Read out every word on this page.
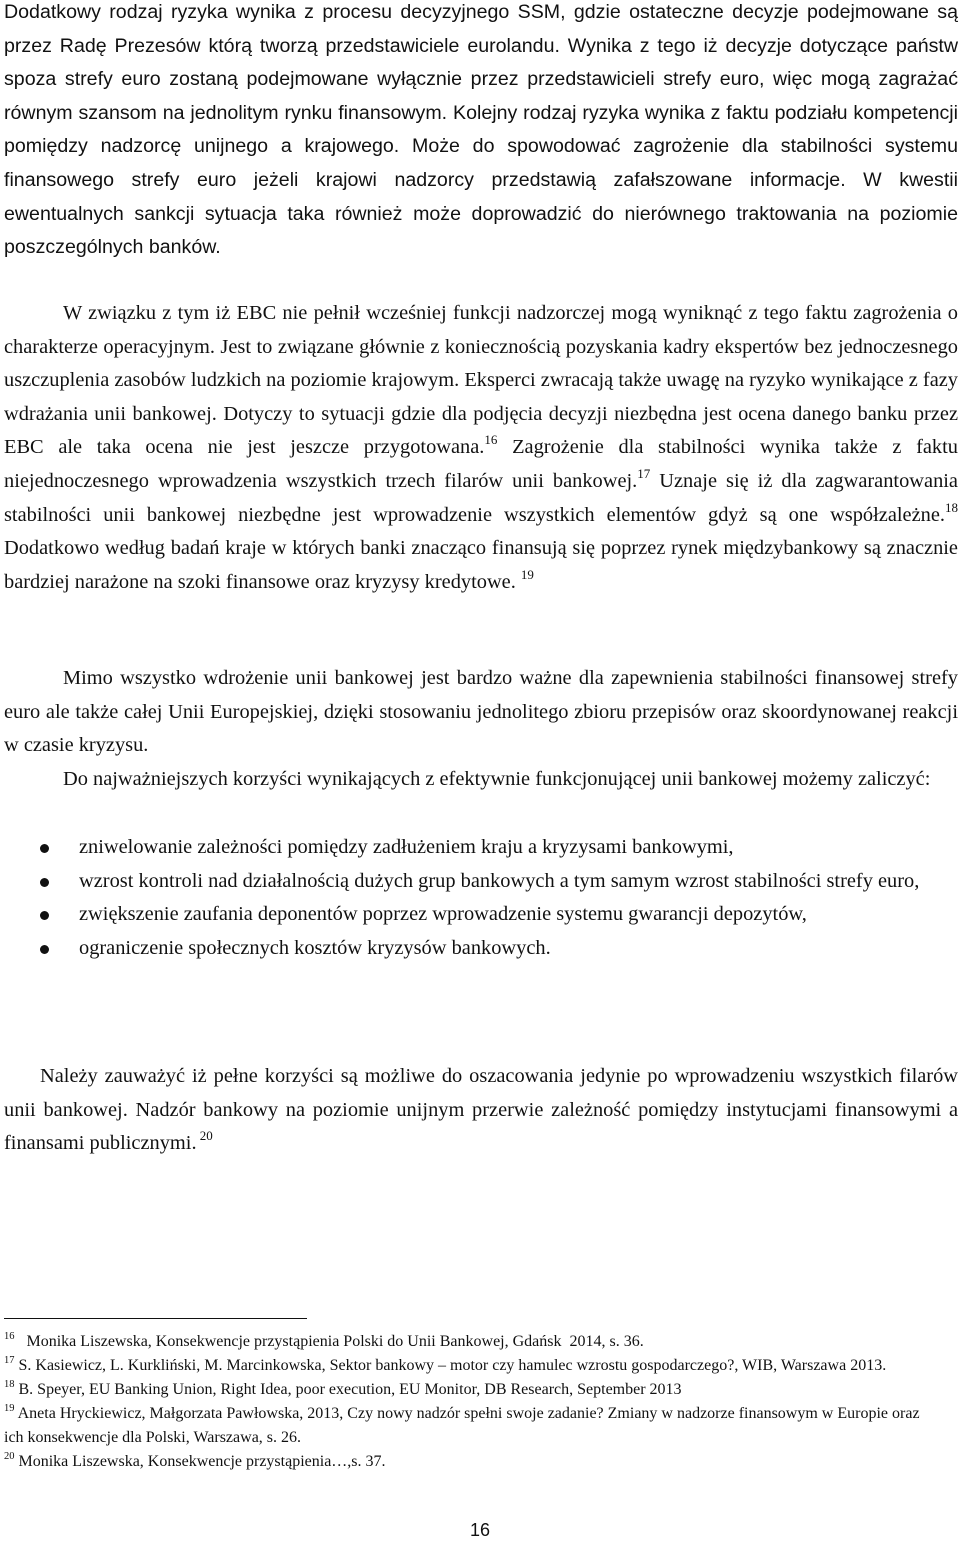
Dodatkowy rodzaj ryzyka wynika z procesu decyzyjnego SSM, gdzie ostateczne decyzje podejmowane są przez Radę Prezesów którą tworzą przedstawiciele eurolandu. Wynika z tego iż decyzje dotyczące państw spoza strefy euro zostaną podejmowane wyłącznie przez przedstawicieli strefy euro, więc mogą zagrażać równym szansom na jednolitym rynku finansowym. Kolejny rodzaj ryzyka wynika z faktu podziału kompetencji pomiędzy nadzorcę unijnego a krajowego. Może do spowodować zagrożenie dla stabilności systemu finansowego strefy euro jeżeli krajowi nadzorcy przedstawią zafałszowane informacje. W kwestii ewentualnych sankcji sytuacja taka również może doprowadzić do nierównego traktowania na poziomie poszczególnych banków.

W związku z tym iż EBC nie pełnił wcześniej funkcji nadzorczej mogą wyniknąć z tego faktu zagrożenia o charakterze operacyjnym. Jest to związane głównie z koniecznością pozyskania kadry ekspertów bez jednoczesnego uszczuplenia zasobów ludzkich na poziomie krajowym. Eksperci zwracają także uwagę na ryzyko wynikające z fazy wdrażania unii bankowej. Dotyczy to sytuacji gdzie dla podjęcia decyzji niezbędna jest ocena danego banku przez EBC ale taka ocena nie jest jeszcze przygotowana.$^{16}$ Zagrożenie dla stabilności wynika także z faktu niejednoczesnego wprowadzenia wszystkich trzech filarów unii bankowej.$^{17}$ Uznaje się iż dla zagwarantowania stabilności unii bankowej niezbędne jest wprowadzenie wszystkich elementów gdyż są one współzależne.$^{18}$ Dodatkowo według badań kraje w których banki znacząco finansują się poprzez rynek międzybankowy są znacznie bardziej narażone na szoki finansowe oraz kryzysy kredytowe. $^{19}$

Mimo wszystko wdrożenie unii bankowej jest bardzo ważne dla zapewnienia stabilności finansowej strefy euro ale także całej Unii Europejskiej, dzięki stosowaniu jednolitego zbioru przepisów oraz skoordynowanej reakcji w czasie kryzysu.

Do najważniejszych korzyści wynikających z efektywnie funkcjonującej unii bankowej możemy zaliczyć:

zniwelowanie zależności pomiędzy zadłużeniem kraju a kryzysami bankowymi,
wzrost kontroli nad działalnością dużych grup bankowych a tym samym wzrost stabilności strefy euro,
zwiększenie zaufania deponentów poprzez wprowadzenie systemu gwarancji depozytów,
ograniczenie społecznych kosztów kryzysów bankowych.

Należy zauważyć iż pełne korzyści są możliwe do oszacowania jedynie po wprowadzeniu wszystkich filarów unii bankowej. Nadzór bankowy na poziomie unijnym przerwie zależność pomiędzy instytucjami finansowymi a finansami publicznymi. $^{20}$

$^{16}$   Monika Liszewska, Konsekwencje przystąpienia Polski do Unii Bankowej, Gdańsk  2014, s. 36.

$^{17}$ S. Kasiewicz, L. Kurkliński, M. Marcinkowska, Sektor bankowy – motor czy hamulec wzrostu gospodarczego?, WIB, Warszawa 2013.

$^{18}$ B. Speyer, EU Banking Union, Right Idea, poor execution, EU Monitor, DB Research, September 2013

$^{19}$ Aneta Hryckiewicz, Małgorzata Pawłowska, 2013, Czy nowy nadzór spełni swoje zadanie? Zmiany w nadzorze finansowym w Europie oraz ich konsekwencje dla Polski, Warszawa, s. 26.

$^{20}$ Monika Liszewska, Konsekwencje przystąpienia…,s. 37.

16
